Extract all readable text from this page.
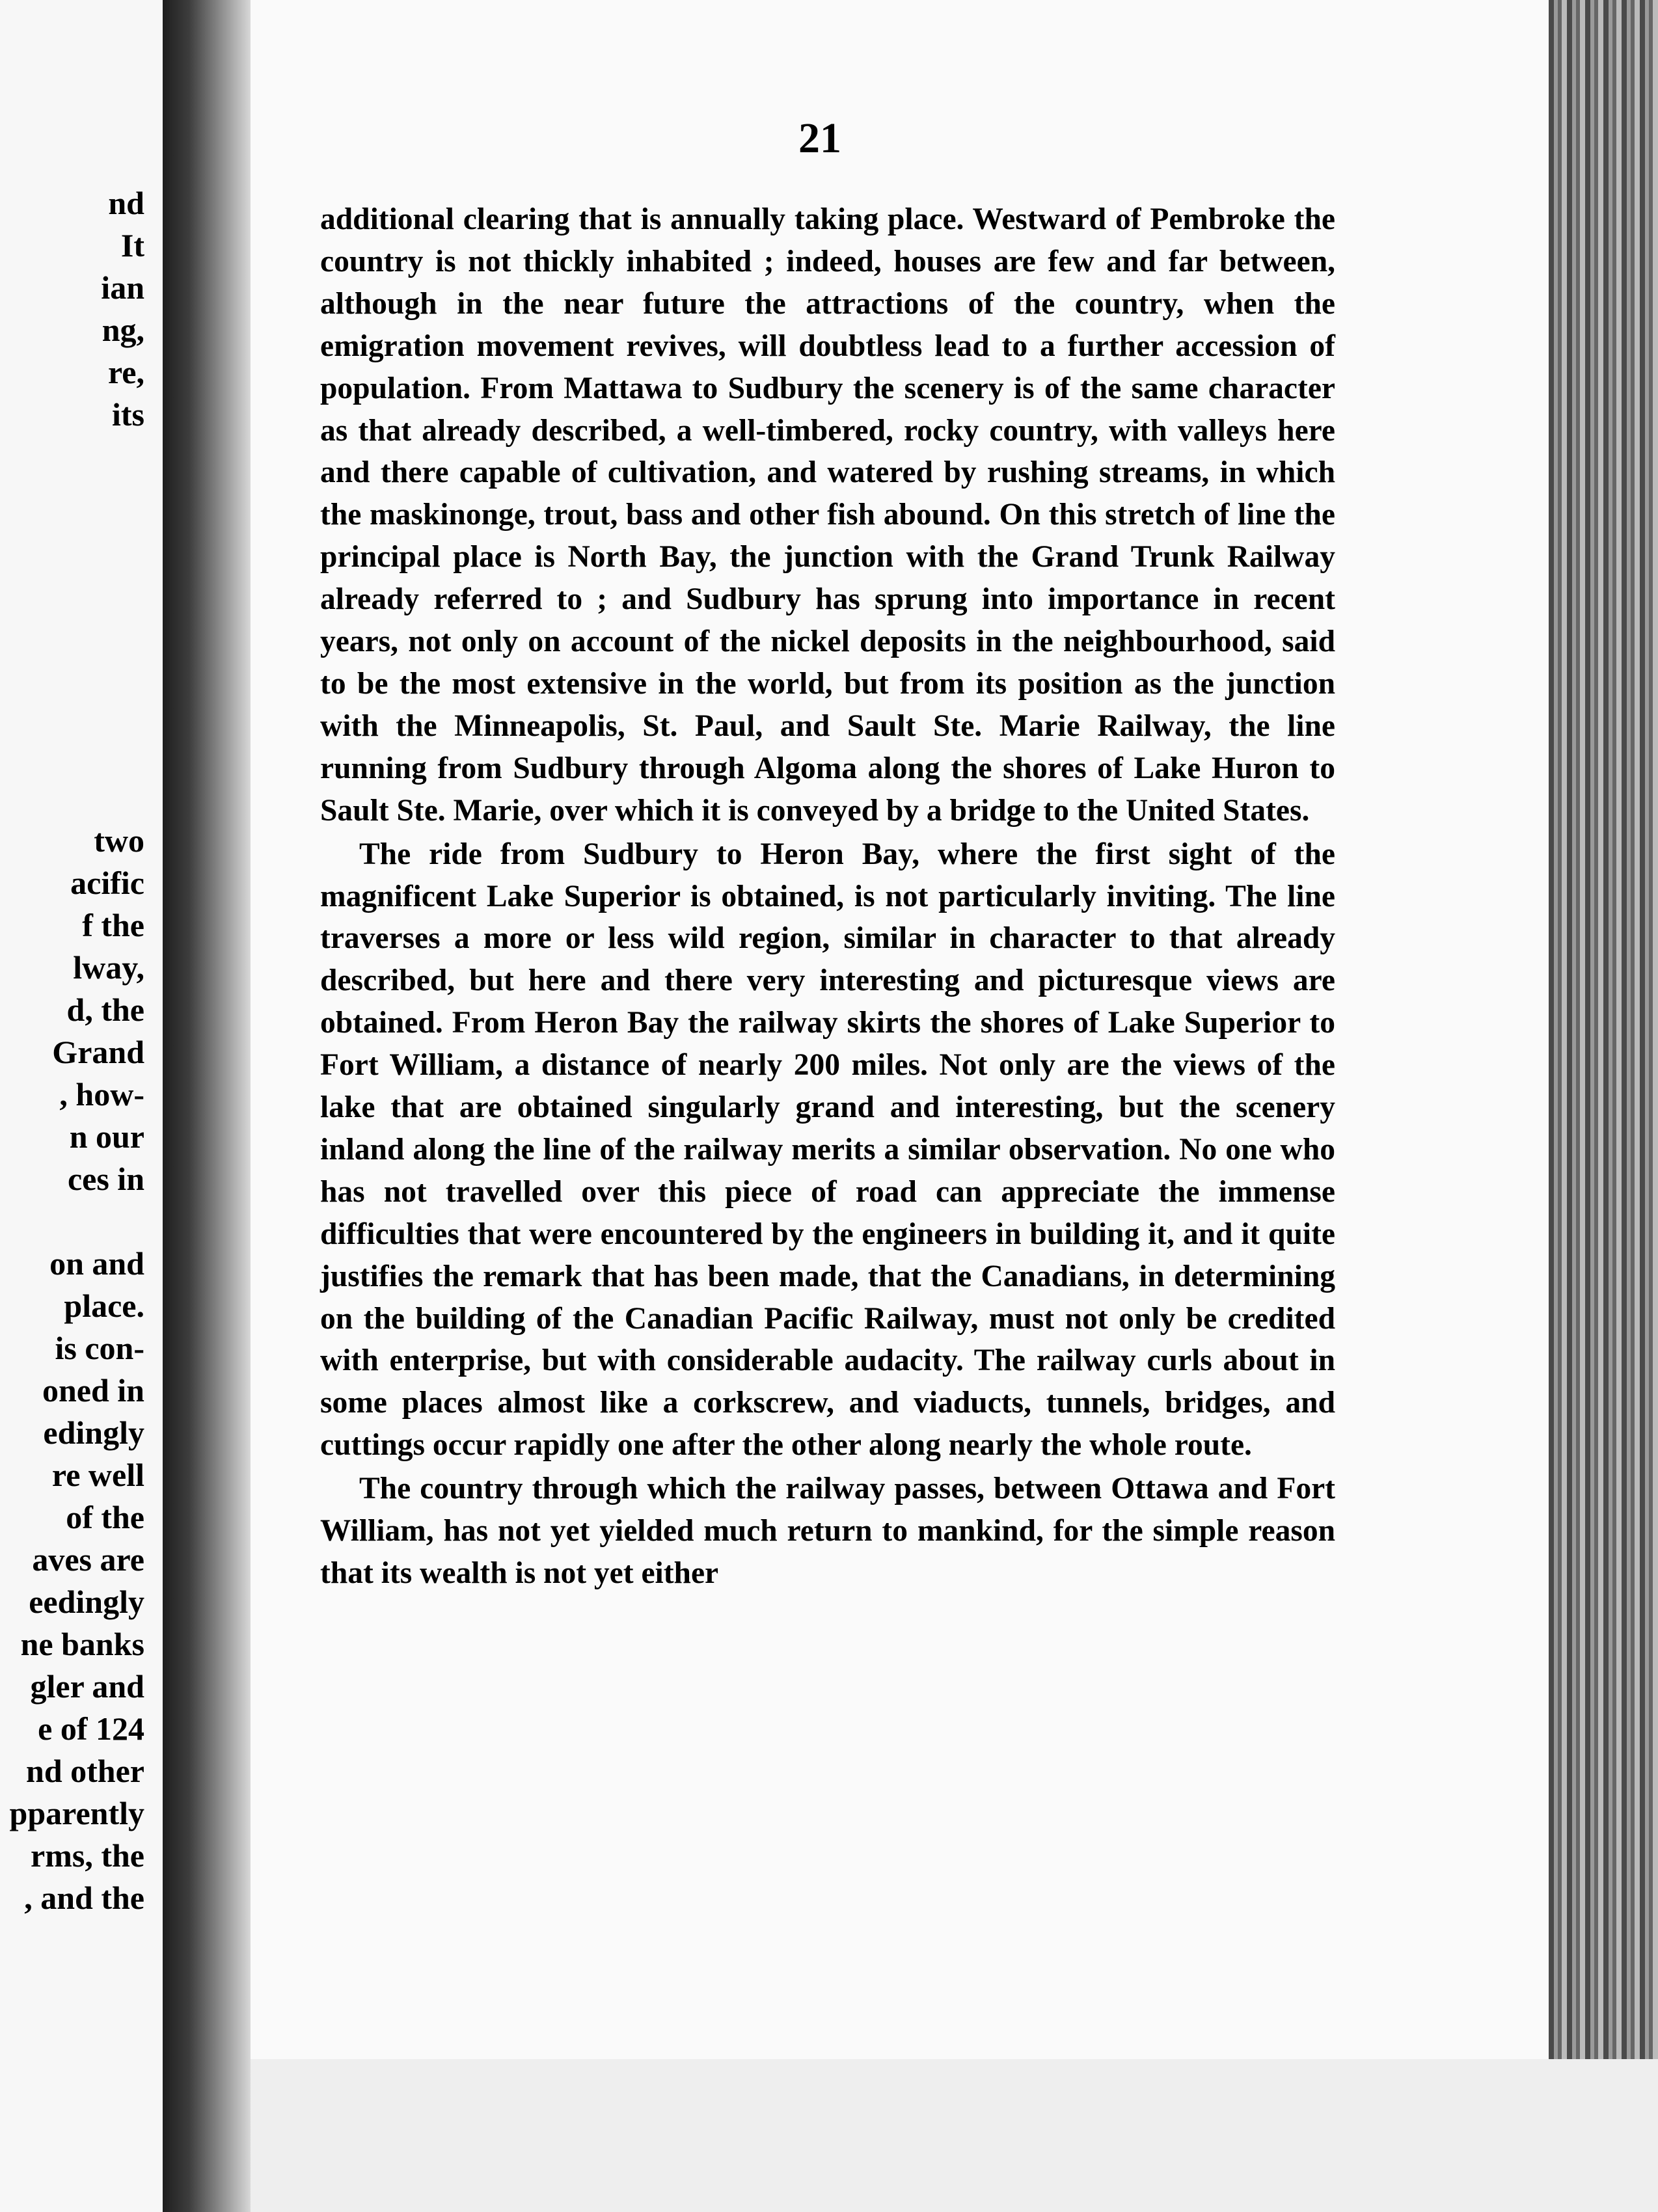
nd
It
ian
ng,
re,
its
two
acific
f the
lway,
d, the
Grand
, how-
n our
ces in
on and
place.
is con-
oned in
edingly
re well
of the
aves are
eedingly
ne banks
gler and
e of 124
nd other
pparently
rms, the
, and the
21

additional clearing that is annually taking place. Westward of Pembroke the country is not thickly inhabited ; indeed, houses are few and far between, although in the near future the attractions of the country, when the emigration movement revives, will doubtless lead to a further accession of population. From Mattawa to Sudbury the scenery is of the same character as that already described, a well-timbered, rocky country, with valleys here and there capable of cultivation, and watered by rushing streams, in which the maskinonge, trout, bass and other fish abound. On this stretch of line the principal place is North Bay, the junction with the Grand Trunk Railway already referred to ; and Sudbury has sprung into importance in recent years, not only on account of the nickel deposits in the neighbourhood, said to be the most extensive in the world, but from its position as the junction with the Minneapolis, St. Paul, and Sault Ste. Marie Railway, the line running from Sudbury through Algoma along the shores of Lake Huron to Sault Ste. Marie, over which it is conveyed by a bridge to the United States.

The ride from Sudbury to Heron Bay, where the first sight of the magnificent Lake Superior is obtained, is not particularly inviting. The line traverses a more or less wild region, similar in character to that already described, but here and there very interesting and picturesque views are obtained. From Heron Bay the railway skirts the shores of Lake Superior to Fort William, a distance of nearly 200 miles. Not only are the views of the lake that are obtained singularly grand and interesting, but the scenery inland along the line of the railway merits a similar observation. No one who has not travelled over this piece of road can appreciate the immense difficulties that were encountered by the engineers in building it, and it quite justifies the remark that has been made, that the Canadians, in determining on the building of the Canadian Pacific Railway, must not only be credited with enterprise, but with considerable audacity. The railway curls about in some places almost like a corkscrew, and viaducts, tunnels, bridges, and cuttings occur rapidly one after the other along nearly the whole route.

The country through which the railway passes, between Ottawa and Fort William, has not yet yielded much return to mankind, for the simple reason that its wealth is not yet either
